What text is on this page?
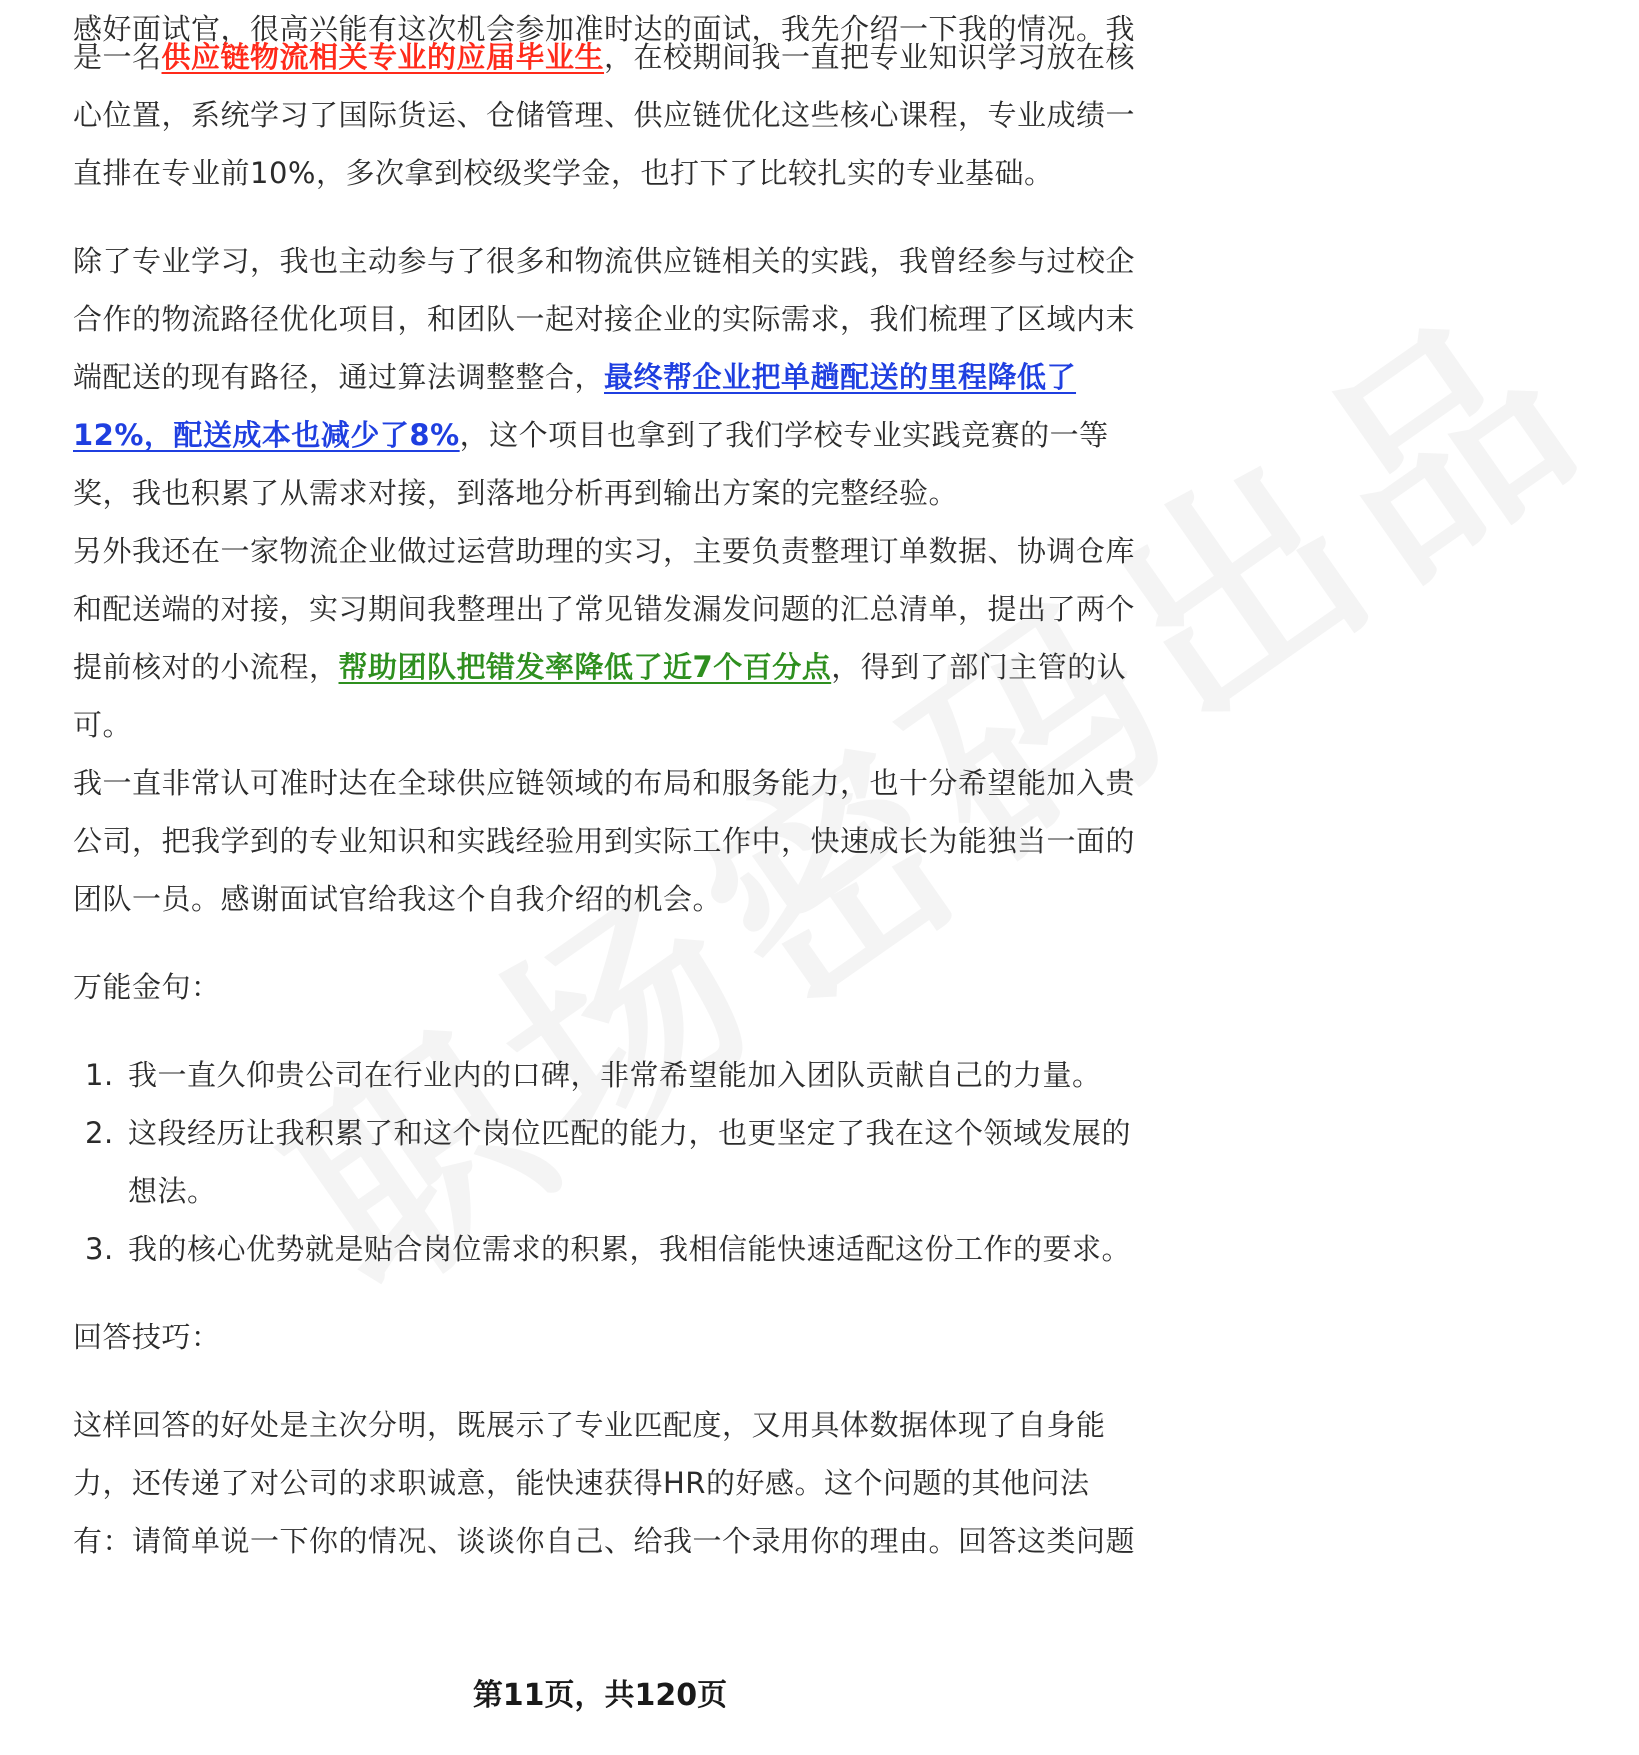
感好面试官，很高兴能有这次机会参加准时达的面试，我先介绍一下我的情况。我

是一名供应链物流相关专业的应届毕业生，在校期间我一直把专业知识学习放在核心位置，系统学习了国际货运、仓储管理、供应链优化这些核心课程，专业成绩一直排在专业前10%，多次拿到校级奖学金，也打下了比较扎实的专业基础。

除了专业学习，我也主动参与了很多和物流供应链相关的实践，我曾经参与过校企合作的物流路径优化项目，和团队一起对接企业的实际需求，我们梳理了区域内末端配送的现有路径，通过算法调整整合，最终帮企业把单趟配送的里程降低了12%，配送成本也减少了8%，这个项目也拿到了我们学校专业实践竞赛的一等奖，我也积累了从需求对接，到落地分析再到输出方案的完整经验。

另外我还在一家物流企业做过运营助理的实习，主要负责整理订单数据、协调仓库和配送端的对接，实习期间我整理出了常见错发漏发问题的汇总清单，提出了两个提前核对的小流程，帮助团队把错发率降低了近7个百分点，得到了部门主管的认可。

我一直非常认可准时达在全球供应链领域的布局和服务能力，也十分希望能加入贵公司，把我学到的专业知识和实践经验用到实际工作中，快速成长为能独当一面的团队一员。感谢面试官给我这个自我介绍的机会。

万能金句：

1. 我一直久仰贵公司在行业内的口碑，非常希望能加入团队贡献自己的力量。
2. 这段经历让我积累了和这个岗位匹配的能力，也更坚定了我在这个领域发展的想法。
3. 我的核心优势就是贴合岗位需求的积累，我相信能快速适配这份工作的要求。

回答技巧：

这样回答的好处是主次分明，既展示了专业匹配度，又用具体数据体现了自身能力，还传递了对公司的求职诚意，能快速获得HR的好感。这个问题的其他问法有：请简单说一下你的情况、谈谈你自己、给我一个录用你的理由。回答这类问题

第11页，共120页
